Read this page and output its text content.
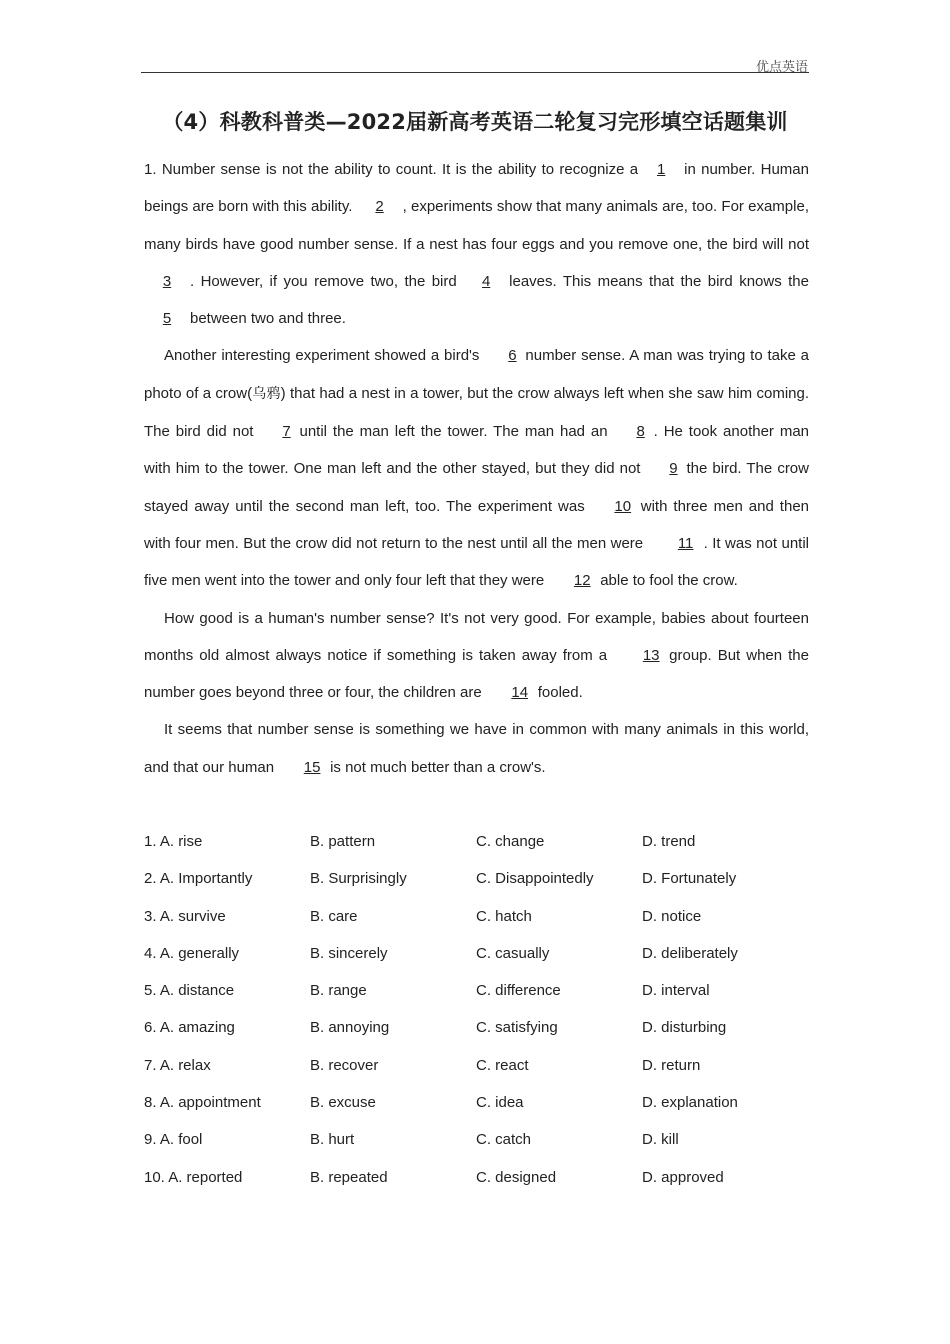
优点英语
（4）科教科普类—2022届新高考英语二轮复习完形填空话题集训

1. Number sense is not the ability to count. It is the ability to recognize a 1 in number. Human beings are born with this ability. 2 , experiments show that many animals are, too. For example, many birds have good number sense. If a nest has four eggs and you remove one, the bird will not 3 . However, if you remove two, the bird 4 leaves. This means that the bird knows the5 between two and three.

Another interesting experiment showed a bird's 6 number sense. A man was trying to take a photo of a crow(乌鸦) that had a nest in a tower, but the crow always left when she saw him coming. The bird did not 7 until the man left the tower. The man had an 8 . He took another man with him to the tower. One man left and the other stayed, but they did not 9 the bird. The crow stayed away until the second man left, too. The experiment was 10 with three men and then with four men. But the crow did not return to the nest until all the men were 11 . It was not until five men went into the tower and only four left that they were 12 able to fool the crow.

How good is a human's number sense? It's not very good. For example, babies about fourteen months old almost always notice if something is taken away from a 13 group. But when the number goes beyond three or four, the children are 14 fooled.

It seems that number sense is something we have in common with many animals in this world, and that our human 15 is not much better than a crow's.

1. A. rise	B. pattern	C. change	D. trend
2. A. Importantly	B. Surprisingly	C. Disappointedly	D. Fortunately
3. A. survive	B. care	C. hatch	D. notice
4. A. generally	B. sincerely	C. casually	D. deliberately
5. A. distance	B. range	C. difference	D. interval
6. A. amazing	B. annoying	C. satisfying	D. disturbing
7. A. relax	B. recover	C. react	D. return
8. A. appointment	B. excuse	C. idea	D. explanation
9. A. fool	B. hurt	C. catch	D. kill
10. A. reported	B. repeated	C. designed	D. approved
